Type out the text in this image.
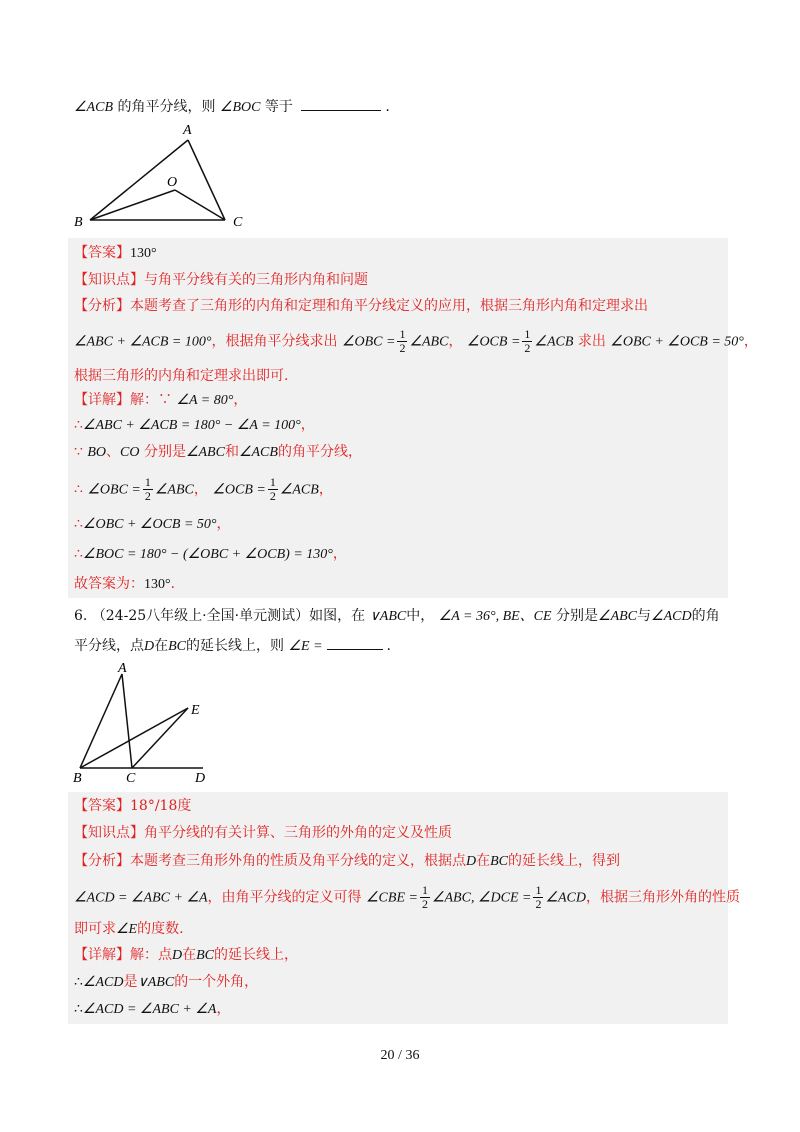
∠ACB 的角平分线，则 ∠BOC 等于	.
A
O
B	C
【答案】130°
【知识点】与角平分线有关的三角形内角和问题
【分析】本题考查了三角形的内角和定理和角平分线定义的应用，根据三角形内角和定理求出
∠ABC + ∠ACB = 100°，根据角平分线求出 ∠OBC = $\frac{1}{2}$ ∠ABC， ∠OCB = $\frac{1}{2}$ ∠ACB 求出 ∠OBC + ∠OCB = 50°，
根据三角形的内角和定理求出即可.
【详解】解：∵ ∠A = 80°，
∴∠ABC + ∠ACB = 180° − ∠A = 100°，
∵ BO、CO 分别是∠ABC和∠ACB的角平分线，
∴ ∠OBC = $\frac{1}{2}$ ∠ABC， ∠OCB = $\frac{1}{2}$ ∠ACB，
∴∠OBC + ∠OCB = 50°，
∴∠BOC = 180° − (∠OBC + ∠OCB) = 130°，
故答案为：130°.
6. （24-25八年级上·全国·单元测试）如图，在 ∨ABC中， ∠A = 36°, BE、CE 分别是∠ABC与∠ACD的角
平分线，点D在BC的延长线上，则 ∠E =	.
A
E
B	C	D
【答案】18°/18度
【知识点】角平分线的有关计算、三角形的外角的定义及性质
【分析】本题考查三角形外角的性质及角平分线的定义，根据点D在BC的延长线上，得到
∠ACD = ∠ABC + ∠A，由角平分线的定义可得 ∠CBE = $\frac{1}{2}$ ∠ABC, ∠DCE = $\frac{1}{2}$ ∠ACD，根据三角形外角的性质
即可求∠E的度数.
【详解】解：点D在BC的延长线上，
∴∠ACD是∨ABC的一个外角，
∴∠ACD = ∠ABC + ∠A，
20 / 36
